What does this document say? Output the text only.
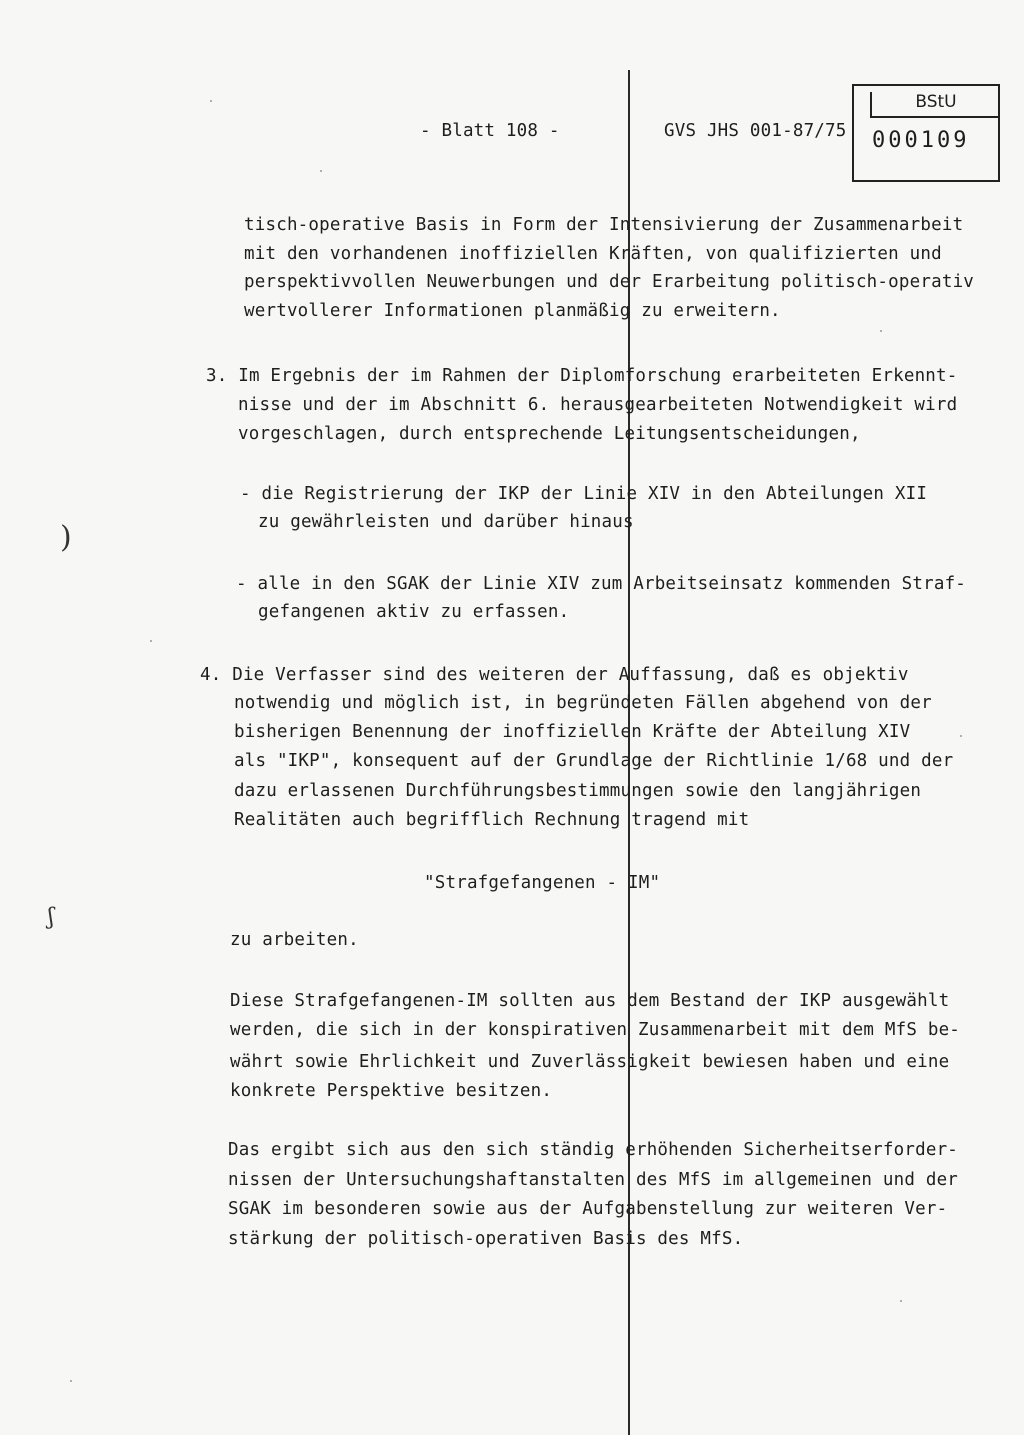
- Blatt 108 -	GVS JHS 001-87/75
BStU
000109
tisch-operative Basis in Form der Intensivierung der Zusammenarbeit
mit den vorhandenen inoffiziellen Kräften, von qualifizierten und
perspektivvollen Neuwerbungen und der Erarbeitung politisch-operativ
wertvollerer Informationen planmäßig zu erweitern.
3. Im Ergebnis der im Rahmen der Diplomforschung erarbeiteten Erkennt-
nisse und der im Abschnitt 6. herausgearbeiteten Notwendigkeit wird
vorgeschlagen, durch entsprechende Leitungsentscheidungen,
- die Registrierung der IKP der Linie XIV in den Abteilungen XII
zu gewährleisten und darüber hinaus
- alle in den SGAK der Linie XIV zum Arbeitseinsatz kommenden Straf-
gefangenen aktiv zu erfassen.
4. Die Verfasser sind des weiteren der Auffassung, daß es objektiv
notwendig und möglich ist, in begründeten Fällen abgehend von der
bisherigen Benennung der inoffiziellen Kräfte der Abteilung XIV
als "IKP", konsequent auf der Grundlage der Richtlinie 1/68 und der
dazu erlassenen Durchführungsbestimmungen sowie den langjährigen
Realitäten auch begrifflich Rechnung tragend mit
"Strafgefangenen - IM"
zu arbeiten.
Diese Strafgefangenen-IM sollten aus dem Bestand der IKP ausgewählt
werden, die sich in der konspirativen Zusammenarbeit mit dem MfS be-
währt sowie Ehrlichkeit und Zuverlässigkeit bewiesen haben und eine
konkrete Perspektive besitzen.
Das ergibt sich aus den sich ständig erhöhenden Sicherheitserforder-
nissen der Untersuchungshaftanstalten des MfS im allgemeinen und der
SGAK im besonderen sowie aus der Aufgabenstellung zur weiteren Ver-
stärkung der politisch-operativen Basis des MfS.
)
ʃ
